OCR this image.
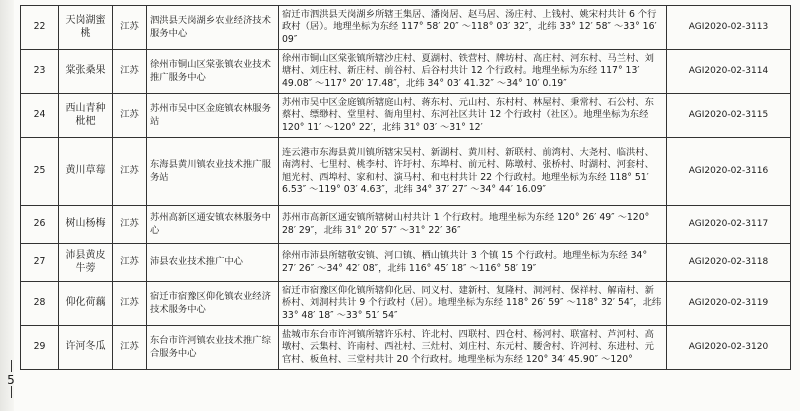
5
22	天岗湖蜜桃	江苏	泗洪县天岗湖乡农业经济技术服务中心	宿迁市泗洪县天岗湖乡所辖王集居、潘岗居、赵马居、汤庄村、上钱村、姚宋村共计 6 个行政村（居）。地理坐标为东经 117° 58′ 20″ ～118° 03′ 32″，北纬 33° 12′ 58″ ～33° 16′ 09″	AGI2020-02-3113
23	棠张桑果	江苏	徐州市铜山区棠张镇农业技术推广服务中心	徐州市铜山区棠张镇所辖沙庄村、夏湖村、铁营村、牌坊村、高庄村、河东村、马兰村、刘塘村、刘庄村、新庄村、前谷村、后谷村共计 12 个行政村。地理坐标为东经 117° 13′ 49.08″ ～117° 20′ 17.48″，北纬 34° 03′ 41.32″ ～34° 10′ 0.19″	AGI2020-02-3114
24	西山青种枇杷	江苏	苏州市吴中区金庭镇农林服务站	苏州市吴中区金庭镇所辖庭山村、蒋东村、元山村、东村村、林屋村、秉常村、石公村、东蔡村、缥缈村、堂里村、衙甪里村、东河社区共计 12 个行政村（社区）。地理坐标为东经 120° 11′ ～120° 22′，北纬 31° 03′ ～31° 12′	AGI2020-02-3115
25	黄川草莓	江苏	东海县黄川镇农业技术推广服务站	连云港市东海县黄川镇所辖宋吴村、新湖村、黄川村、新联村、前湾村、大尧村、临洪村、南湾村、七里村、桃李村、许圩村、东埠村、前元村、陈墩村、张桥村、时湖村、河套村、旭光村、西埠村、家和村、演马村、和屯村共计 22 个行政村。地理坐标为东经 118° 51′ 6.53″ ～119° 03′ 4.63″，北纬 34° 37′ 27″ ～34° 44′ 16.09″	AGI2020-02-3116
26	树山杨梅	江苏	苏州高新区通安镇农林服务中心	苏州市高新区通安镇所辖树山村共计 1 个行政村。地理坐标为东经 120° 26′ 49″ ～120° 28′ 29″，北纬 31° 20′ 57″ ～31° 22′ 36″	AGI2020-02-3117
27	沛县黄皮牛蒡	江苏	沛县农业技术推广中心	徐州市沛县所辖敬安镇、河口镇、栖山镇共计 3 个镇 15 个行政村。地理坐标为东经 34° 27′ 26″ ～34° 42′ 08″，北纬 116° 45′ 18″ ～116° 58′ 19″	AGI2020-02-3118
28	仰化荷藕	江苏	宿迁市宿豫区仰化镇农业经济技术服务中心	宿迁市宿豫区仰化镇所辖仰化居、同义村、建新村、复隆村、洞河村、保祥村、解南村、新桥村、刘洞村共计 9 个行政村（居）。地理坐标为东经 118° 26′ 59″ ～118° 32′ 54″，北纬 33° 48′ 18″ ～33° 51′ 54″	AGI2020-02-3119
29	许河冬瓜	江苏	东台市许河镇农业技术推广综合服务中心	盐城市东台市许河镇所辖许乐村、许北村、四联村、四仓村、杨河村、联富村、芦河村、高墩村、云集村、许南村、西社村、三灶村、刘庄村、东元村、腰舍村、许河村、东进村、元官村、板鱼村、三堂村共计 20 个行政村。地理坐标为东经 120° 34′ 45.90″ ～120°	AGI2020-02-3120
